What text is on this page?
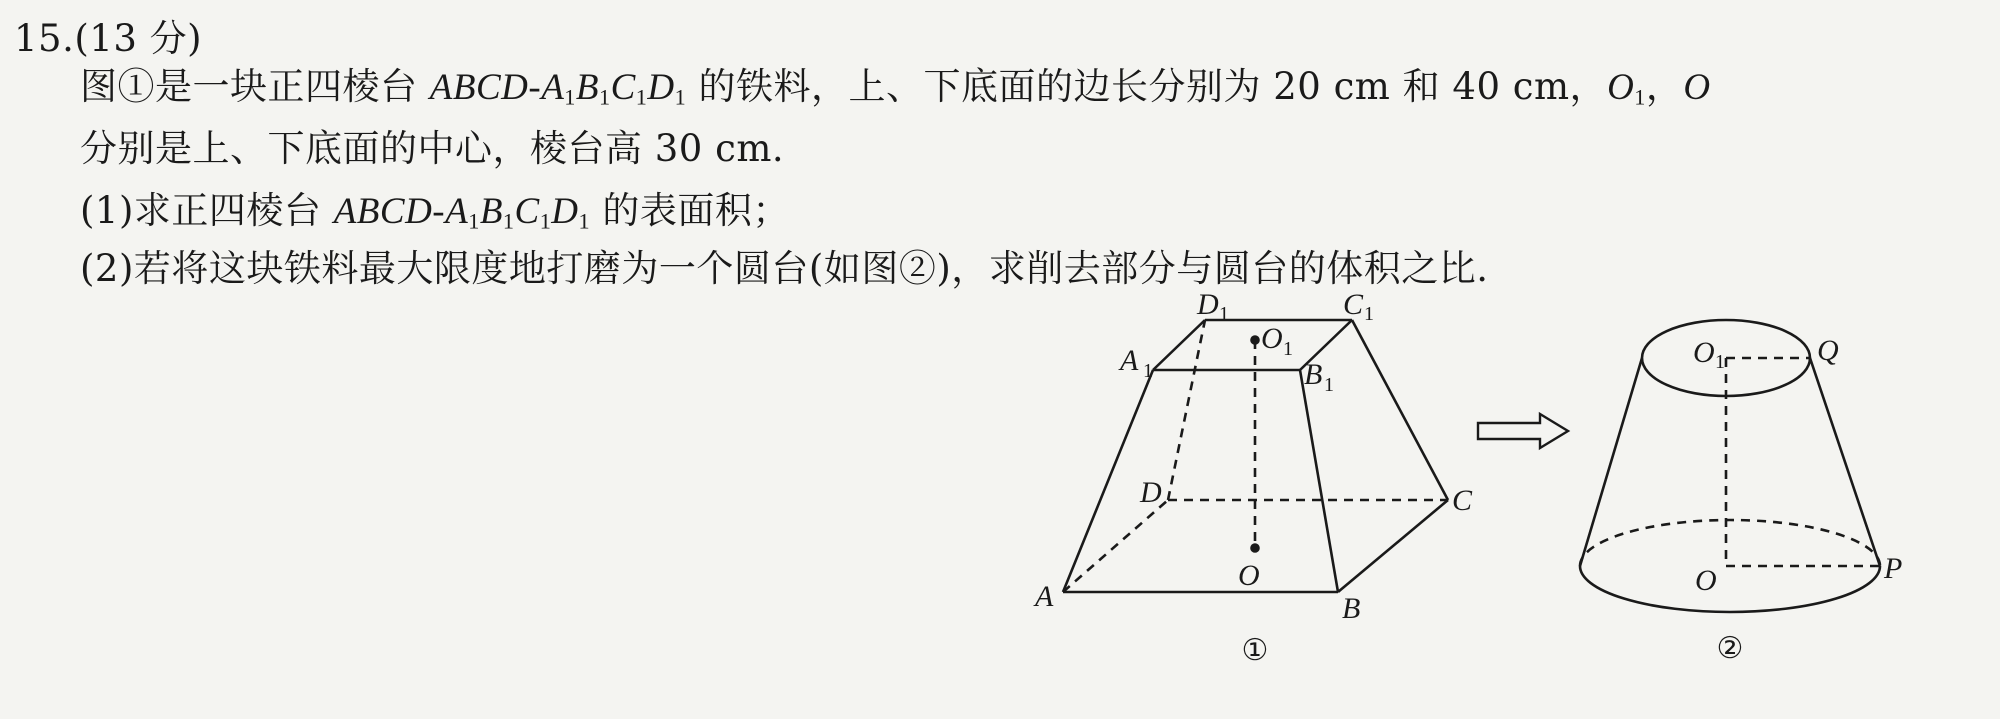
15.(13 分)
图①是一块正四棱台 ABCD-$A_1B_1C_1D_1$ 的铁料，上、下底面的边长分别为 20 cm 和 40 cm，$O_1$，O
分别是上、下底面的中心，棱台高 30 cm.
(1)求正四棱台 ABCD-$A_1B_1C_1D_1$ 的表面积；
(2)若将这块铁料最大限度地打磨为一个圆台(如图②)，求削去部分与圆台的体积之比.
A	B
C
D
A 1	B 1
C 1
D 1
O 1
O
①
O 1	Q
O	P
②
